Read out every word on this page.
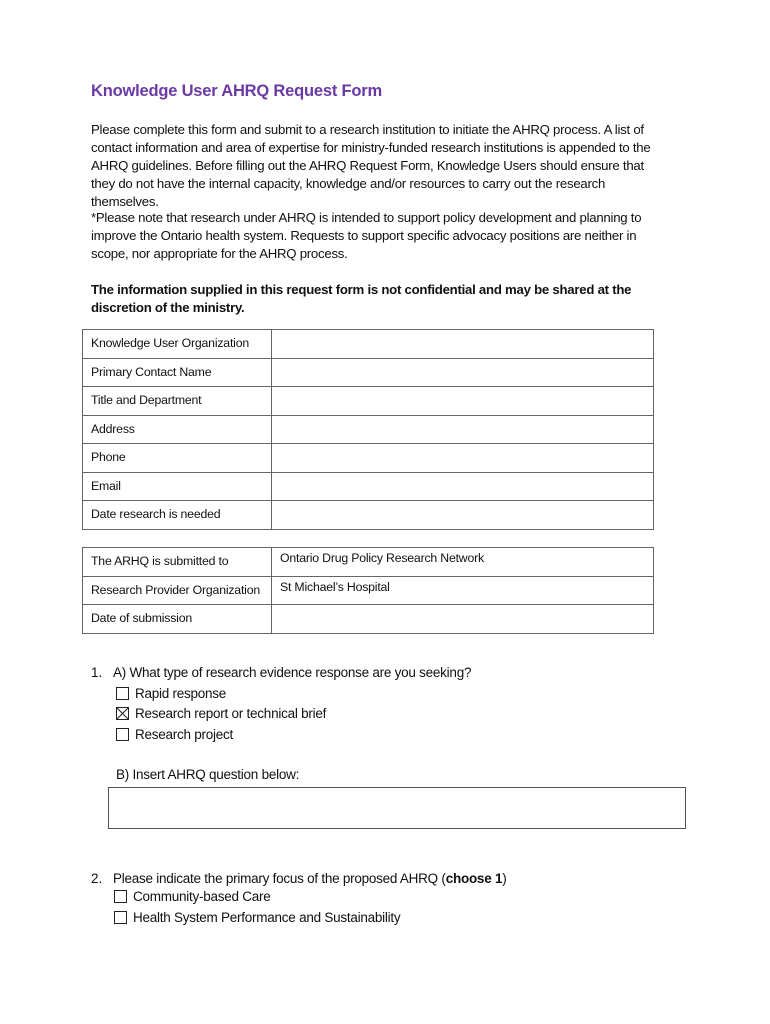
Knowledge User AHRQ Request Form
Please complete this form and submit to a research institution to initiate the AHRQ process. A list of contact information and area of expertise for ministry-funded research institutions is appended to the AHRQ guidelines. Before filling out the AHRQ Request Form, Knowledge Users should ensure that they do not have the internal capacity, knowledge and/or resources to carry out the research themselves.
*Please note that research under AHRQ is intended to support policy development and planning to improve the Ontario health system. Requests to support specific advocacy positions are neither in scope, nor appropriate for the AHRQ process.
The information supplied in this request form is not confidential and may be shared at the discretion of the ministry.
Knowledge User Organization	
Primary Contact Name	
Title and Department	
Address	
Phone	
Email	
Date research is needed	
The ARHQ is submitted to	Ontario Drug Policy Research Network
Research Provider Organization	St Michael’s Hospital
Date of submission	
1. A) What type of research evidence response are you seeking?
Rapid response
Research report or technical brief
Research project
B) Insert AHRQ question below:
2. Please indicate the primary focus of the proposed AHRQ (choose 1)
Community-based Care
Health System Performance and Sustainability
